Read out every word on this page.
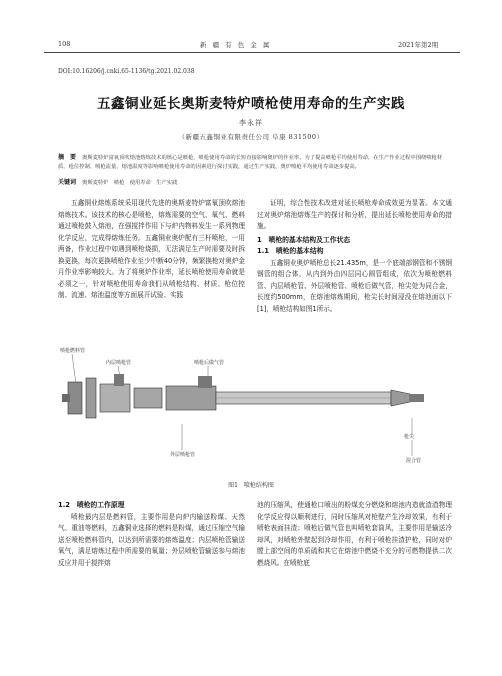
108	新 疆 有 色 金 属	2021年第2期
DOI:10.16206/j.cnki.65-1136/tg.2021.02.038
五鑫铜业延长奥斯麦特炉喷枪使用寿命的生产实践
李永祥
（新疆五鑫铜业有限责任公司 阜康 831500）
摘　要 奥斯麦特炉富氧顶吹熔池熔炼技术的核心是喷枪，喷枪使用寿命的长短直接影响奥炉的作业率。为了提高喷枪平均使用寿命，在生产作业过程中围绕喷枪材质、枪位控制、喷枪流量、熔池温度等影响喷枪使用寿命的因素进行探讨实践，通过生产实践，奥炉喷枪平均使用寿命逐步提高。
关键词 奥斯麦特炉　喷枪　使用寿命　生产实践

五鑫铜业熔炼系统采用现代先进的奥斯麦特炉富氧顶吹熔池熔炼技术。该技术的核心是喷枪，熔炼需要的空气、氧气、燃料通过喷枪鼓入熔池，在强搅拌作用下与炉内物料发生一系列物理化学反应，完成得熔炼任务。五鑫铜业奥炉配有三杆喷枪，一用两备，作业过程中如遇到喷枪烧损，无法满足生产时需要及时拆换更换，每次更换喷枪作业至少中断40分钟，频繁换枪对奥炉金月作业率影响较大。为了将奥炉作业率，延长喷枪使用寿命就是必须之一，针对喷枪使用寿命我们从喷枪结构、材质、枪位控制、流速、熔池温度等方面展开试验、实践

证明，综合性技术改进对延长喷枪寿命成效更为显著。本文通过对奥炉熔池熔炼生产的探讨和分析，提出延长喷枪使用寿命的措施。

1　喷枪的基本结构及工作状态

1.1　喷枪的基本结构

五鑫铜业奥炉喷枪总长21.435m，是一个底端部钢管和不锈钢钢管的组合体，从内到外由四层同心圆管组成，依次为喷枪燃料管、内层喷枪管、外层喷枪管、喷枪后做气管，枪尖处为同合金，长度约500mm，在熔池熔炼期间，枪尖长时间浸没在熔池面以下[1]，喷枪结构如图1所示。

喷枪燃料管
内层喷枪管	喷枪后做气管
外层喷枪管
枪尖
混合管
图1　喷枪结构图

1.2　喷枪的工作原理

喷枪最内层是燃料管，主要作用是向炉内输送粉煤、天然气、重油等燃料，五鑫铜业选择的燃料是粉煤，通过压缩空气输送至喷枪燃料管内，以达到所需要的熔炼温度；内层喷枪管输送氧气，满足熔炼过程中所需要的氧量；外层喷枪管输送参与熔池反应并用于搅拌熔

池的压缩风，使通枪口喷出的粉煤充分燃烧和熔池内造就渣渣物理化学反应得以顺利进行，同时压缩风对枪壁产生冷却效果，有利于喷枪表面挂渣；喷枪后做气管也叫喷枪套筒风，主要作用是输送冷却风，对喷枪外壁起到冷却作用，有利于喷枪挂渣护枪，同时对炉膛上部空间的单质硫和其它在熔池中燃烧不充分的可燃物提供二次燃烧风。在喷枪底
